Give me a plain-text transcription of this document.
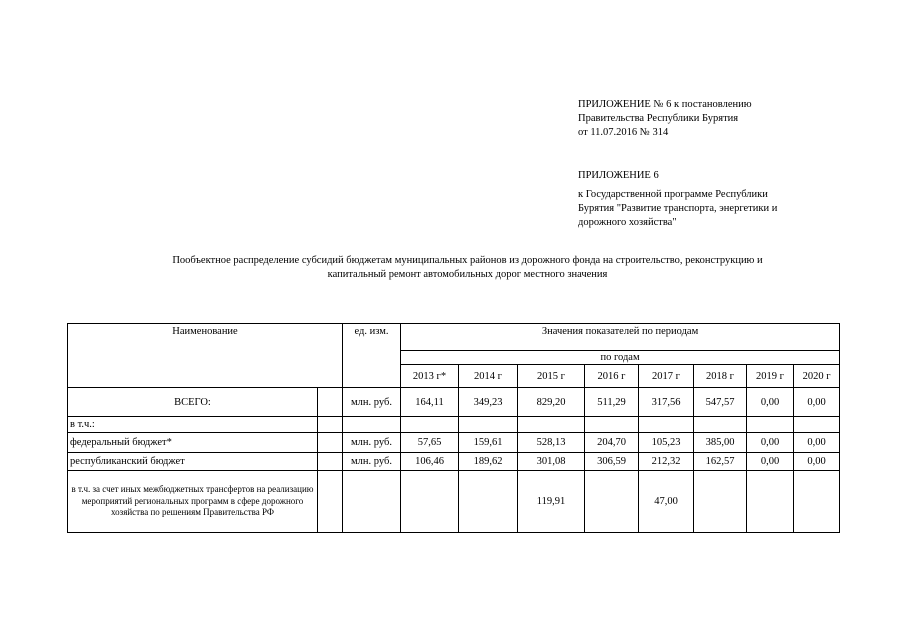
ПРИЛОЖЕНИЕ № 6 к постановлению
Правительства Республики Бурятия
от 11.07.2016 № 314
ПРИЛОЖЕНИЕ 6
к Государственной программе Республики
Бурятия "Развитие транспорта, энергетики и
дорожного хозяйства"
Пообъектное распределение субсидий бюджетам муниципальных районов из дорожного фонда на строительство, реконструкцию и
капитальный ремонт автомобильных дорог местного значения
Наименование		ед. изм.	Значения показателей по периодам							
			по годам							
			2013 г*	2014 г	2015 г	2016 г	2017 г	2018 г	2019 г	2020 г
ВСЕГО:		млн. руб.	164,11	349,23	829,20	511,29	317,56	547,57	0,00	0,00
в т.ч.:										
федеральный бюджет*		млн. руб.	57,65	159,61	528,13	204,70	105,23	385,00	0,00	0,00
республиканский бюджет		млн. руб.	106,46	189,62	301,08	306,59	212,32	162,57	0,00	0,00
в т.ч. за счет иных межбюджетных трансфертов на реализацию мероприятий региональных программ в сфере дорожного хозяйства по решениям Правительства РФ					119,91		47,00			
